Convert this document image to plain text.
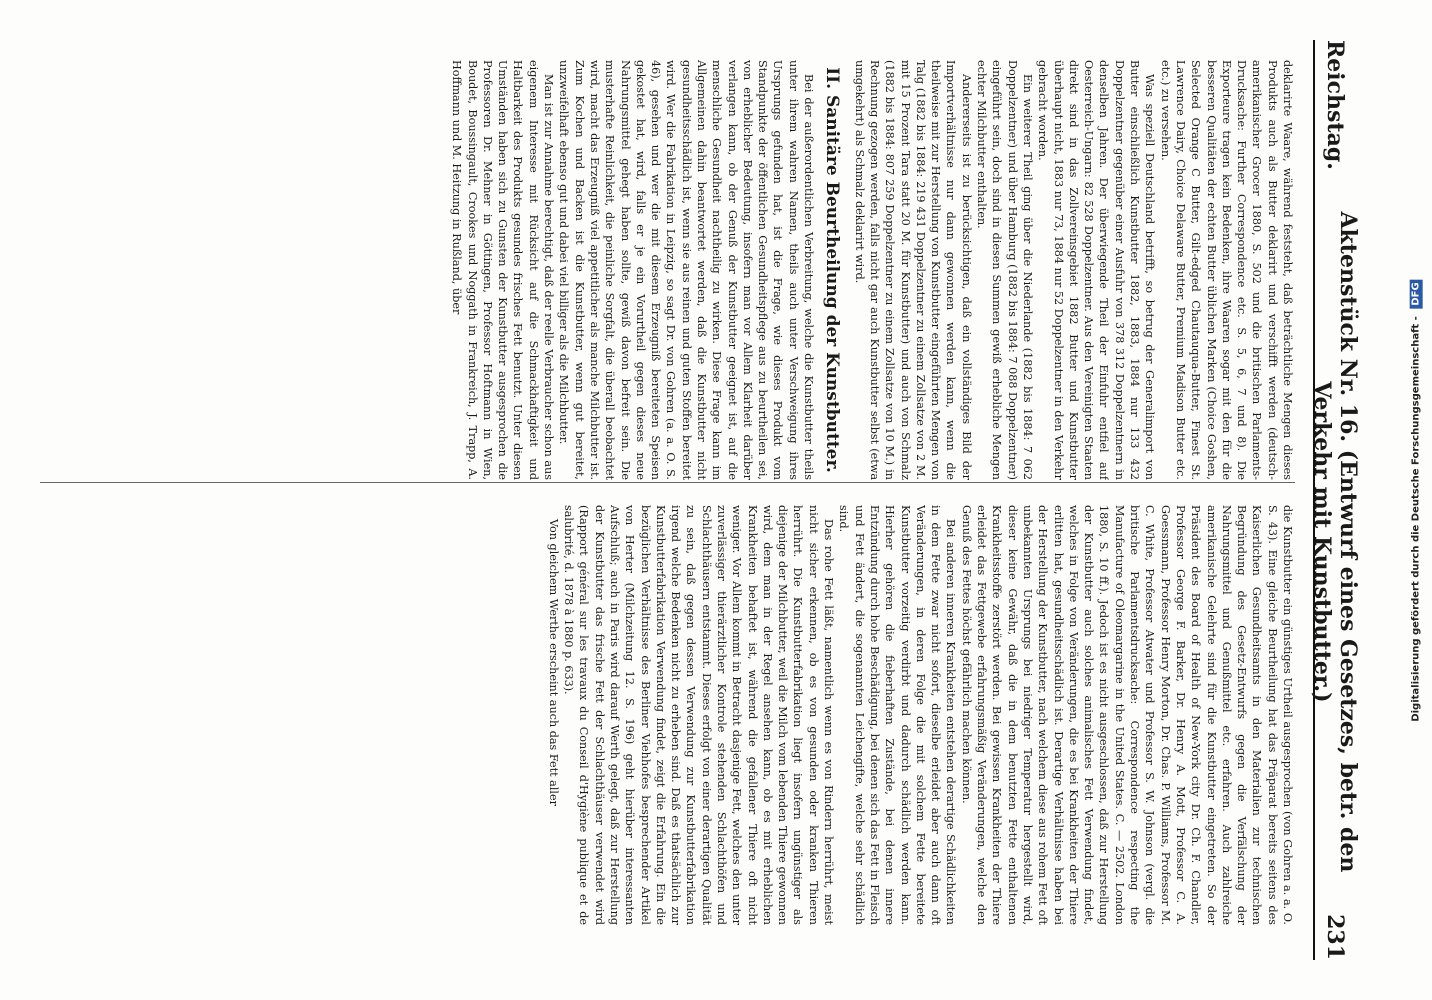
Reichstag.
Aktenstück Nr. 16. (Entwurf eines Gesetzes, betr. den Verkehr mit Kunstbutter.)
231

deklarirte Waare, während feststeht, daß beträchtliche Mengen dieses Produkts auch als Butter deklarirt und verschifft werden (deutsch-amerikanischer Grocer 1880, S. 502 und die britischen Parlaments-Drucksache: Further Correspondence etc. S. 5, 6, 7 und 8). Die Exporteure tragen kein Bedenken, ihre Waaren sogar mit den für die besseren Qualitäten der echten Butter üblichen Marken (Choice Goshen, Selected Orange C Butter, Gilt-edged Chautauqua-Butter, Finest St. Lawrence Dairy, Choice Delaware Butter, Premium Madison Butter etc. etc.) zu versehen.

Was speziell Deutschland betrifft, so betrug der Generalimport von Butter einschließlich Kunstbutter 1882, 1883, 1884 nur 133 432 Doppelzentner gegenüber einer Ausfuhr von 378 312 Doppelzentnern in denselben Jahren. Der überwiegende Theil der Einfuhr entfiel auf Oesterreich-Ungarn: 82 528 Doppelzentner. Aus den Vereinigten Staaten direkt sind in das Zollvereinsgebiet 1882 Butter und Kunstbutter überhaupt nicht, 1883 nur 73, 1884 nur 52 Doppelzentner in den Verkehr gebracht worden.

Ein weiterer Theil ging über die Niederlande (1882 bis 1884: 7 062 Doppelzentner) und über Hamburg (1882 bis 1884: 7 088 Doppelzentner) eingeführt sein, doch sind in diesen Summen gewiß erhebliche Mengen echter Milchbutter enthalten.

Andererseits ist zu berücksichtigen, daß ein vollständiges Bild der Importverhältnisse nur dann gewonnen werden kann, wenn die theilweise mit zur Herstellung von Kunstbutter eingeführten Mengen von Talg (1882 bis 1884: 219 431 Doppelzentner zu einem Zollsatze von 2 M. mit 15 Prozent Tara statt 20 M. für Kunstbutter) und auch von Schmalz (1882 bis 1884: 807 259 Doppelzentner zu einem Zollsatze von 10 M.) in Rechnung gezogen werden, falls nicht gar auch Kunstbutter selbst (etwa umgekehrt) als Schmalz deklarirt wird.

II. Sanitäre Beurtheilung der Kunstbutter.

Bei der außerordentlichen Verbreitung, welche die Kunstbutter theils unter ihrem wahren Namen, theils auch unter Verschweigung ihres Ursprungs gefunden hat, ist die Frage, wie dieses Produkt vom Standpunkte der öffentlichen Gesundheitspflege aus zu beurtheilen sei, von erheblicher Bedeutung, insofern man vor Allem Klarheit darüber verlangen kann, ob der Genuß der Kunstbutter geeignet ist, auf die menschliche Gesundheit nachtheilig zu wirken. Diese Frage kann im Allgemeinen dahin beantwortet werden, daß die Kunstbutter nicht gesundheitsschädlich ist, wenn sie aus reinen und guten Stoffen bereitet wird. Wer die Fabrikation in Leipzig, so sagt Dr. von Gohren (a. a. O. S. 46), gesehen und wer die mit diesem Erzeugniß bereiteten Speisen gekostet hat, wird, falls er je ein Vorurtheil gegen dieses neue Nahrungsmittel gehegt haben sollte, gewiß davon befreit sein. Die musterhafte Reinlichkeit, die peinliche Sorgfalt, die überall beobachtet wird, macht das Erzeugniß viel appetitlicher als manche Milchbutter ist. Zum Kochen und Backen ist die Kunstbutter, wenn gut bereitet, unzweifelhaft ebenso gut und dabei viel billiger als die Milchbutter.

Man ist zur Annahme berechtigt, daß der reelle Verbraucher schon aus eigenem Interesse mit Rücksicht auf die Schmackhaftigkeit und Haltbarkeit des Produkts gesundes frisches Fett benutzt. Unter diesen Umständen haben sich zu Gunsten der Kunstbutter ausgesprochen die Professoren Dr. Mehner in Göttingen, Professor Hoftmann in Wien, Boudet, Boussingault, Crookes und Noggath in Frankreich, J. Trapp, A. Hoffmann und M. Heitzung in Rußland, über

die Kunstbutter ein günstiges Urtheil ausgesprochen (von Gohren a. a. O. S. 43). Eine gleiche Beurtheilung hat das Präparat bereits seitens des Kaiserlichen Gesundheitsamts in den Materialien zur technischen Begründung des Gesetz-Entwurfs gegen die Verfälschung der Nahrungsmittel und Genußmittel etc. erfahren. Auch zahlreiche amerikanische Gelehrte sind für die Kunstbutter eingetreten. So der Präsident des Board of Health of New-York city Dr. Ch. F. Chandler, Professor George F. Barker, Dr. Henry A. Mott, Professor C. A. Goessmann, Professor Henry Morton, Dr. Chas. P. Williams, Professor M. C. White, Professor Atwater und Professor S. W. Johnson (vergl. die britische Parlamentsdrucksache: Correspondence respecting the Manufacture of Oleomargarine in the United States. C. — 2502. London 1880, S. 10 ff.). Jedoch ist es nicht ausgeschlossen, daß zur Herstellung der Kunstbutter auch solches animalisches Fett Verwendung findet, welches in Folge von Veränderungen, die es bei Krankheiten der Thiere erlitten hat, gesundheitsschädlich ist. Derartige Verhältnisse haben bei der Herstellung der Kunstbutter, nach welchem diese aus rohem Fett oft unbekannten Ursprungs bei niedriger Temperatur hergestellt wird, dieser keine Gewähr, daß die in dem benutzten Fette enthaltenen Krankheitsstoffe zerstört werden. Bei gewissen Krankheiten der Thiere erleidet das Fettgewebe erfahrungsmäßig Veränderungen, welche den Genuß des Fettes höchst gefährlich machen können.

Bei anderen inneren Krankheiten entstehen derartige Schädlichkeiten in dem Fette zwar nicht sofort, dieselbe erleidet aber auch dann oft Veränderungen, in deren Folge die mit solchem Fette bereitete Kunstbutter vorzeitig verdirbt und dadurch schädlich werden kann. Hierher gehören die fieberhaften Zustände, bei denen innere Entzündung durch hohe Beschädigung, bei denen sich das Fett in Fleisch und Fett ändert, die sogenannten Leichengifte, welche sehr schädlich sind.

Das rohe Fett läßt, namentlich wenn es von Rindern herrührt, meist nicht sicher erkennen, ob es von gesunden oder kranken Thieren herrührt. Die Kunstbutterfabrikation liegt insofern ungünstiger als diejenige der Milchbutter, weil die Milch vom lebenden Thiere gewonnen wird, dem man in der Regel ansehen kann, ob es mit erheblichen Krankheiten behaftet ist, während die gefallener Thiere oft nicht weniger. Vor Allem kommt in Betracht dasjenige Fett, welches den unter zuverlässiger thierärztlicher Kontrole stehenden Schlachthöfen und Schlachthäusern entstammt. Dieses erfolgt von einer derartigen Qualität zu sein, daß gegen dessen Verwendung zur Kunstbutterfabrikation irgend welche Bedenken nicht zu erheben sind. Daß es thatsächlich zur Kunstbutterfabrikation Verwendung findet, zeigt die Erfahrung. Ein die bezüglichen Verhältnisse des Berliner Viehhofes besprechender Artikel von Herter (Milchzeitung 12. S. 196) geht hierüber interessanten Aufschluß; auch in Paris wird darauf Werth gelegt, daß zur Herstellung der Kunstbutter das frische Fett der Schlachthäuser verwendet wird (Rapport général sur les travaux du Conseil d'Hygiène publique et de salubrité, d. 1878 à 1880 p. 633).

Von gleichem Werthe erscheint auch das Fett aller	Digitalisierung gefördert durch die Deutsche Forschungsgemeinschaft - DFG
